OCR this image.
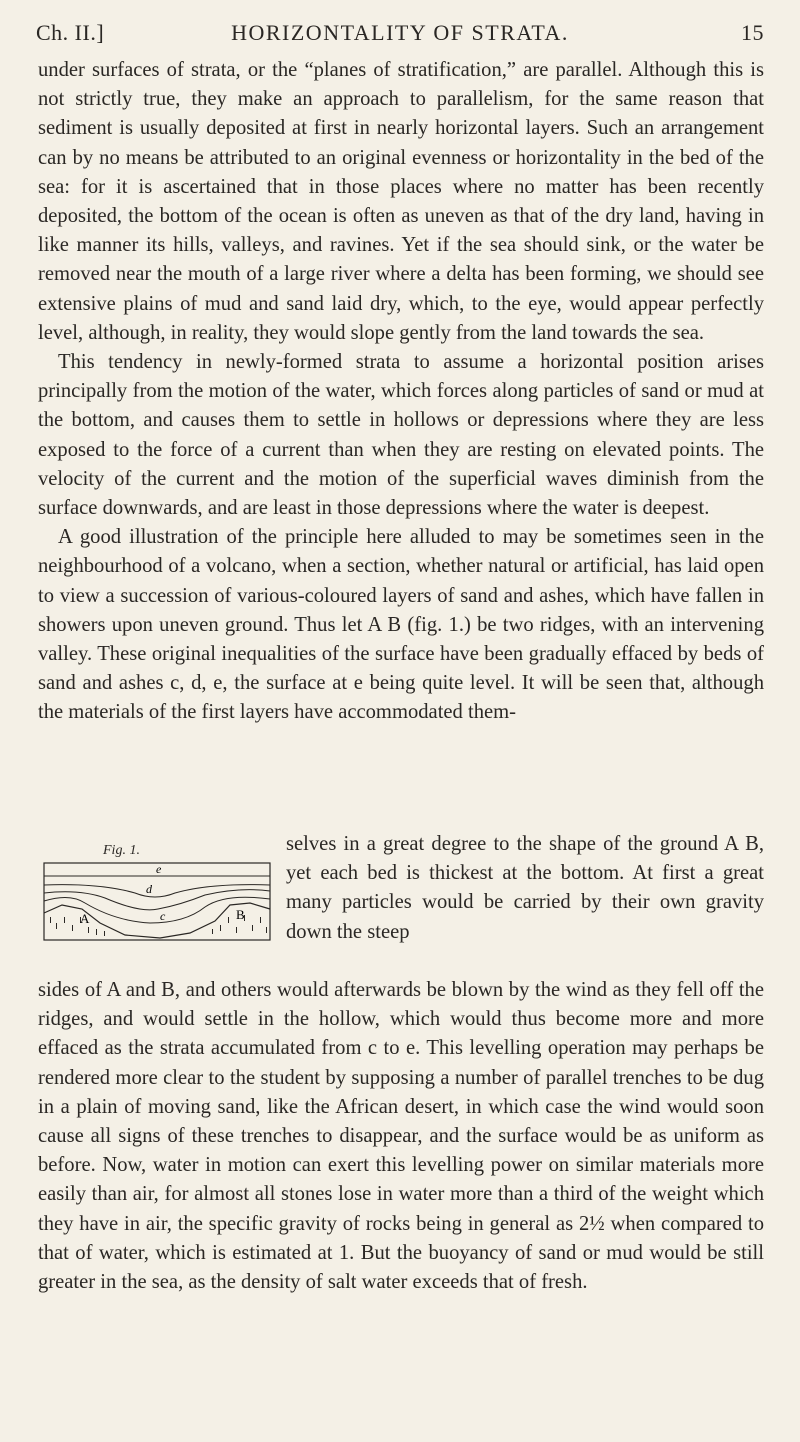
Ch. II.]	HORIZONTALITY OF STRATA.	15

under surfaces of strata, or the “planes of stratification,” are parallel. Although this is not strictly true, they make an approach to parallelism, for the same reason that sediment is usually deposited at first in nearly horizontal layers. Such an arrangement can by no means be attributed to an original evenness or horizontality in the bed of the sea: for it is ascertained that in those places where no matter has been recently deposited, the bottom of the ocean is often as uneven as that of the dry land, having in like manner its hills, valleys, and ravines. Yet if the sea should sink, or the water be removed near the mouth of a large river where a delta has been forming, we should see extensive plains of mud and sand laid dry, which, to the eye, would appear perfectly level, although, in reality, they would slope gently from the land towards the sea.

This tendency in newly-formed strata to assume a horizontal position arises principally from the motion of the water, which forces along particles of sand or mud at the bottom, and causes them to settle in hollows or depressions where they are less exposed to the force of a current than when they are resting on elevated points. The velocity of the current and the motion of the superficial waves diminish from the surface downwards, and are least in those depressions where the water is deepest.

A good illustration of the principle here alluded to may be sometimes seen in the neighbourhood of a volcano, when a section, whether natural or artificial, has laid open to view a succession of various-coloured layers of sand and ashes, which have fallen in showers upon uneven ground. Thus let A B (fig. 1.) be two ridges, with an intervening valley. These original inequalities of the surface have been gradually effaced by beds of sand and ashes c, d, e, the surface at e being quite level. It will be seen that, although the materials of the first layers have accommodated them-

Fig. 1.
e
d
c
A	B

selves in a great degree to the shape of the ground A B, yet each bed is thickest at the bottom. At first a great many particles would be carried by their own gravity down the steep

sides of A and B, and others would afterwards be blown by the wind as they fell off the ridges, and would settle in the hollow, which would thus become more and more effaced as the strata accumulated from c to e. This levelling operation may perhaps be rendered more clear to the student by supposing a number of parallel trenches to be dug in a plain of moving sand, like the African desert, in which case the wind would soon cause all signs of these trenches to disappear, and the surface would be as uniform as before. Now, water in motion can exert this levelling power on similar materials more easily than air, for almost all stones lose in water more than a third of the weight which they have in air, the specific gravity of rocks being in general as 2½ when compared to that of water, which is estimated at 1. But the buoyancy of sand or mud would be still greater in the sea, as the density of salt water exceeds that of fresh.
